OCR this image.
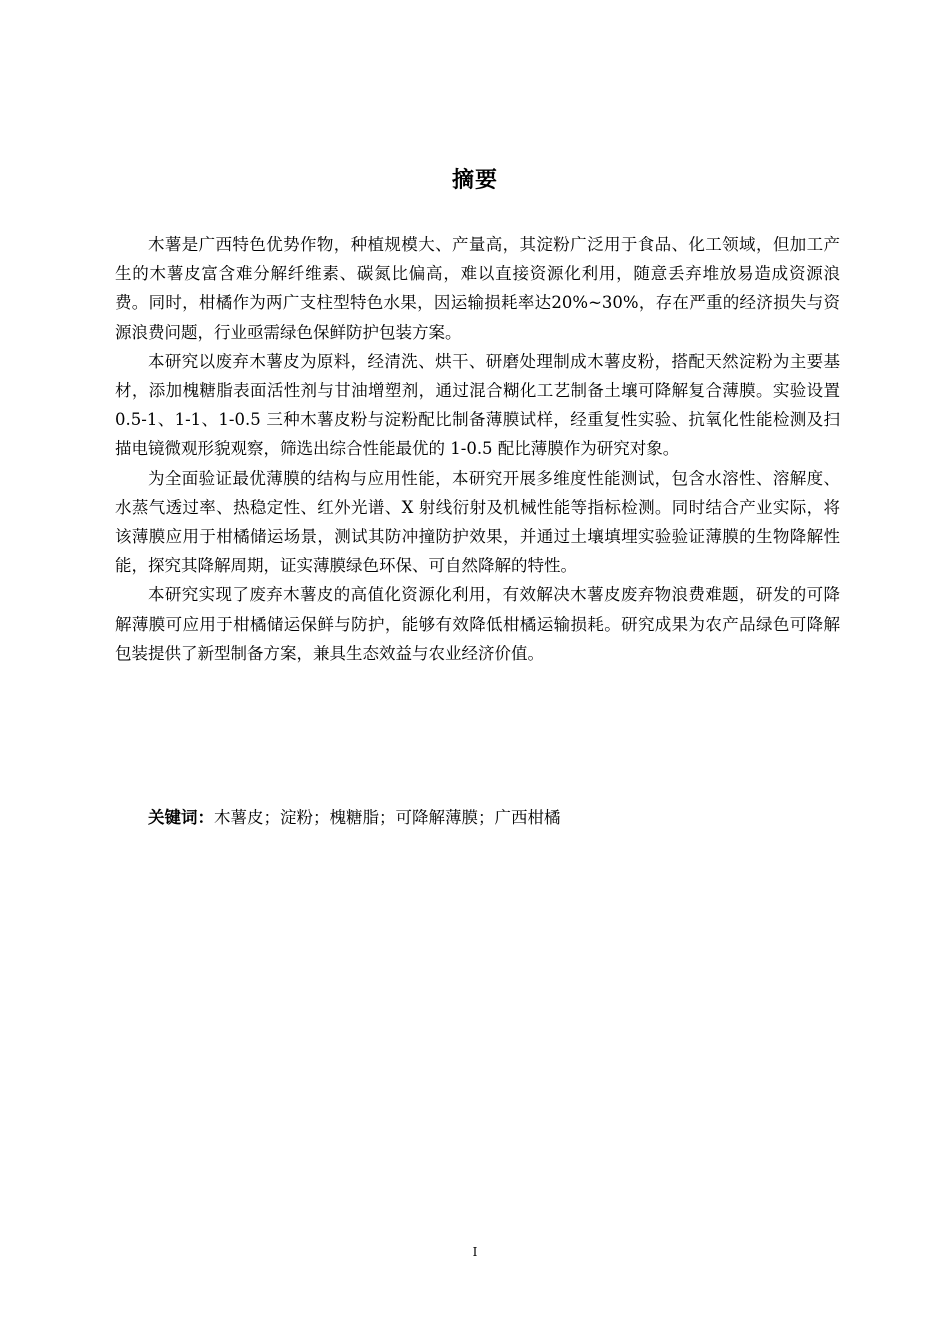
摘要

木薯是广西特色优势作物，种植规模大、产量高，其淀粉广泛用于食品、化工领域，但加工产生的木薯皮富含难分解纤维素、碳氮比偏高，难以直接资源化利用，随意丢弃堆放易造成资源浪费。同时，柑橘作为两广支柱型特色水果，因运输损耗率达20%~30%，存在严重的经济损失与资源浪费问题，行业亟需绿色保鲜防护包装方案。

本研究以废弃木薯皮为原料，经清洗、烘干、研磨处理制成木薯皮粉，搭配天然淀粉为主要基材，添加槐糖脂表面活性剂与甘油增塑剂，通过混合糊化工艺制备土壤可降解复合薄膜。实验设置 0.5-1、1-1、1-0.5 三种木薯皮粉与淀粉配比制备薄膜试样，经重复性实验、抗氧化性能检测及扫描电镜微观形貌观察，筛选出综合性能最优的 1-0.5 配比薄膜作为研究对象。

为全面验证最优薄膜的结构与应用性能，本研究开展多维度性能测试，包含水溶性、溶解度、水蒸气透过率、热稳定性、红外光谱、X 射线衍射及机械性能等指标检测。同时结合产业实际，将该薄膜应用于柑橘储运场景，测试其防冲撞防护效果，并通过土壤填埋实验验证薄膜的生物降解性能，探究其降解周期，证实薄膜绿色环保、可自然降解的特性。

本研究实现了废弃木薯皮的高值化资源化利用，有效解决木薯皮废弃物浪费难题，研发的可降解薄膜可应用于柑橘储运保鲜与防护，能够有效降低柑橘运输损耗。研究成果为农产品绿色可降解包装提供了新型制备方案，兼具生态效益与农业经济价值。

关键词：木薯皮；淀粉；槐糖脂；可降解薄膜；广西柑橘
I
